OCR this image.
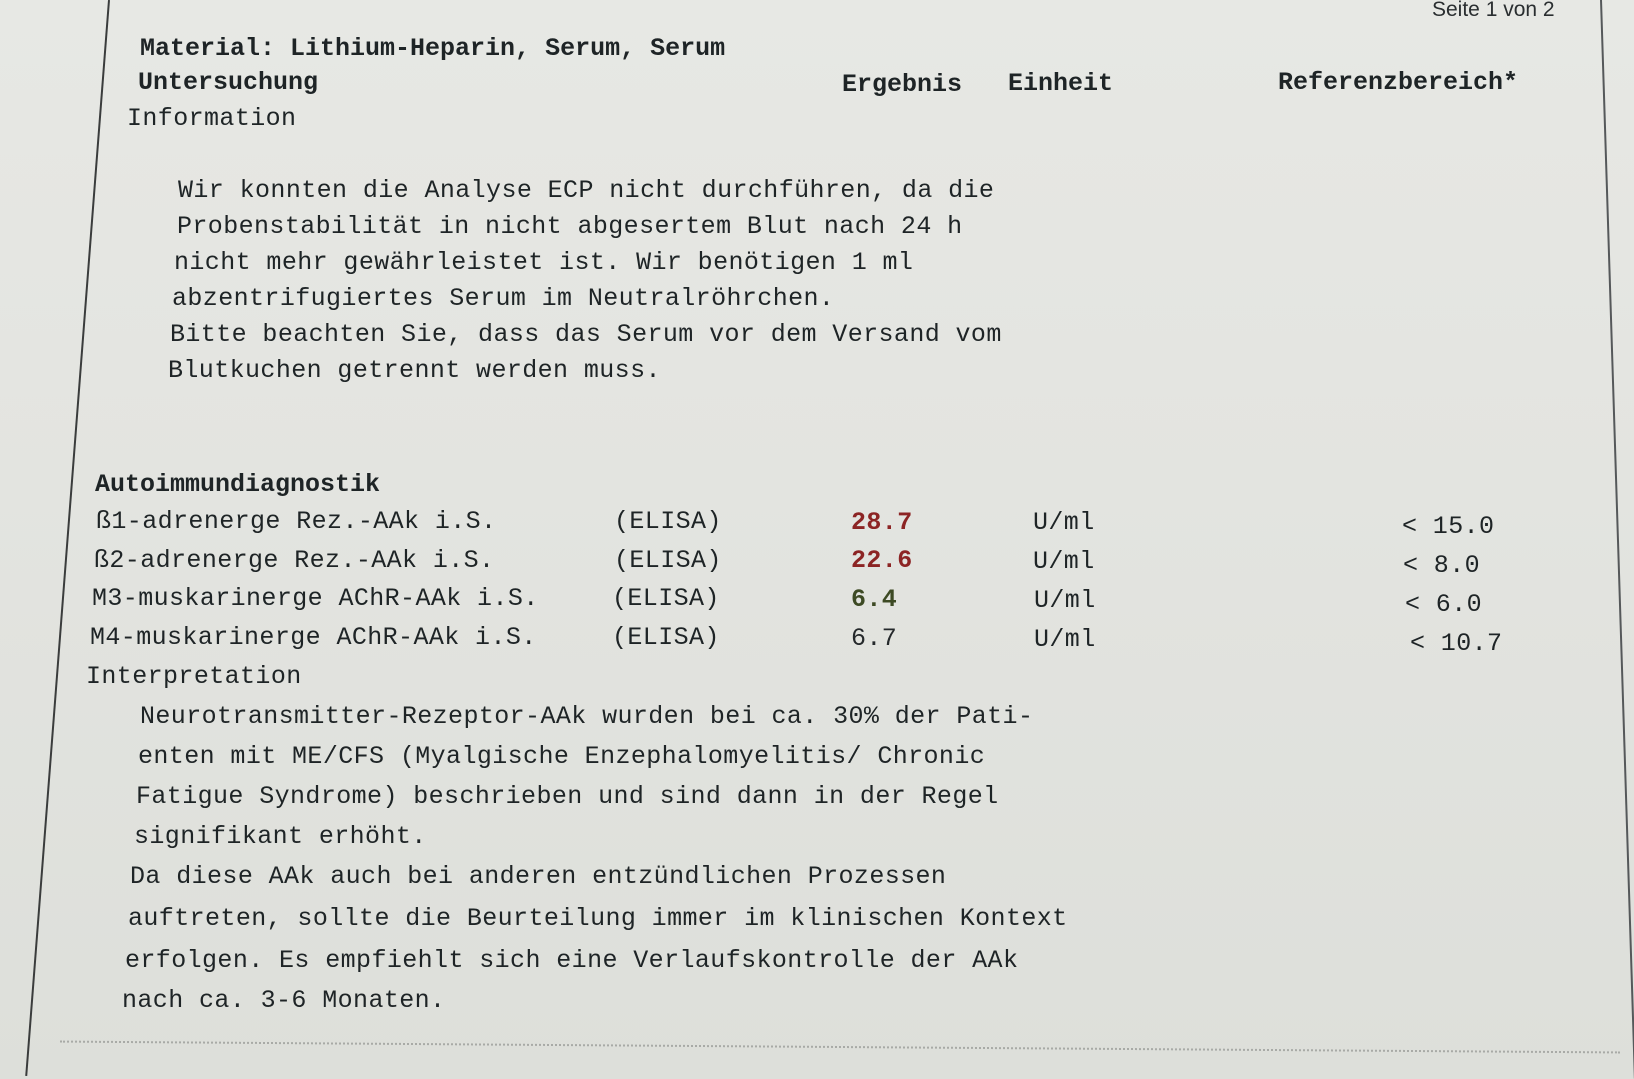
Seite 1 von 2
Material: Lithium-Heparin, Serum, Serum
Untersuchung	Ergebnis Einheit	Referenzbereich*
Information
Wir konnten die Analyse ECP nicht durchführen, da die
Probenstabilität in nicht abgesertem Blut nach 24 h
nicht mehr gewährleistet ist. Wir benötigen 1 ml
abzentrifugiertes Serum im Neutralröhrchen.
Bitte beachten Sie, dass das Serum vor dem Versand vom
Blutkuchen getrennt werden muss.
Autoimmundiagnostik
ß1-adrenerge Rez.-AAk i.S.	(ELISA)	28.7	U/ml	< 15.0
ß2-adrenerge Rez.-AAk i.S.	(ELISA)	22.6	U/ml	< 8.0
M3-muskarinerge AChR-AAk i.S.	(ELISA)	6.4	U/ml	< 6.0
M4-muskarinerge AChR-AAk i.S.	(ELISA)	6.7	U/ml	< 10.7
Interpretation
Neurotransmitter-Rezeptor-AAk wurden bei ca. 30% der Pati-
enten mit ME/CFS (Myalgische Enzephalomyelitis/ Chronic
Fatigue Syndrome) beschrieben und sind dann in der Regel
signifikant erhöht.
Da diese AAk auch bei anderen entzündlichen Prozessen
auftreten, sollte die Beurteilung immer im klinischen Kontext
erfolgen. Es empfiehlt sich eine Verlaufskontrolle der AAk
nach ca. 3-6 Monaten.
